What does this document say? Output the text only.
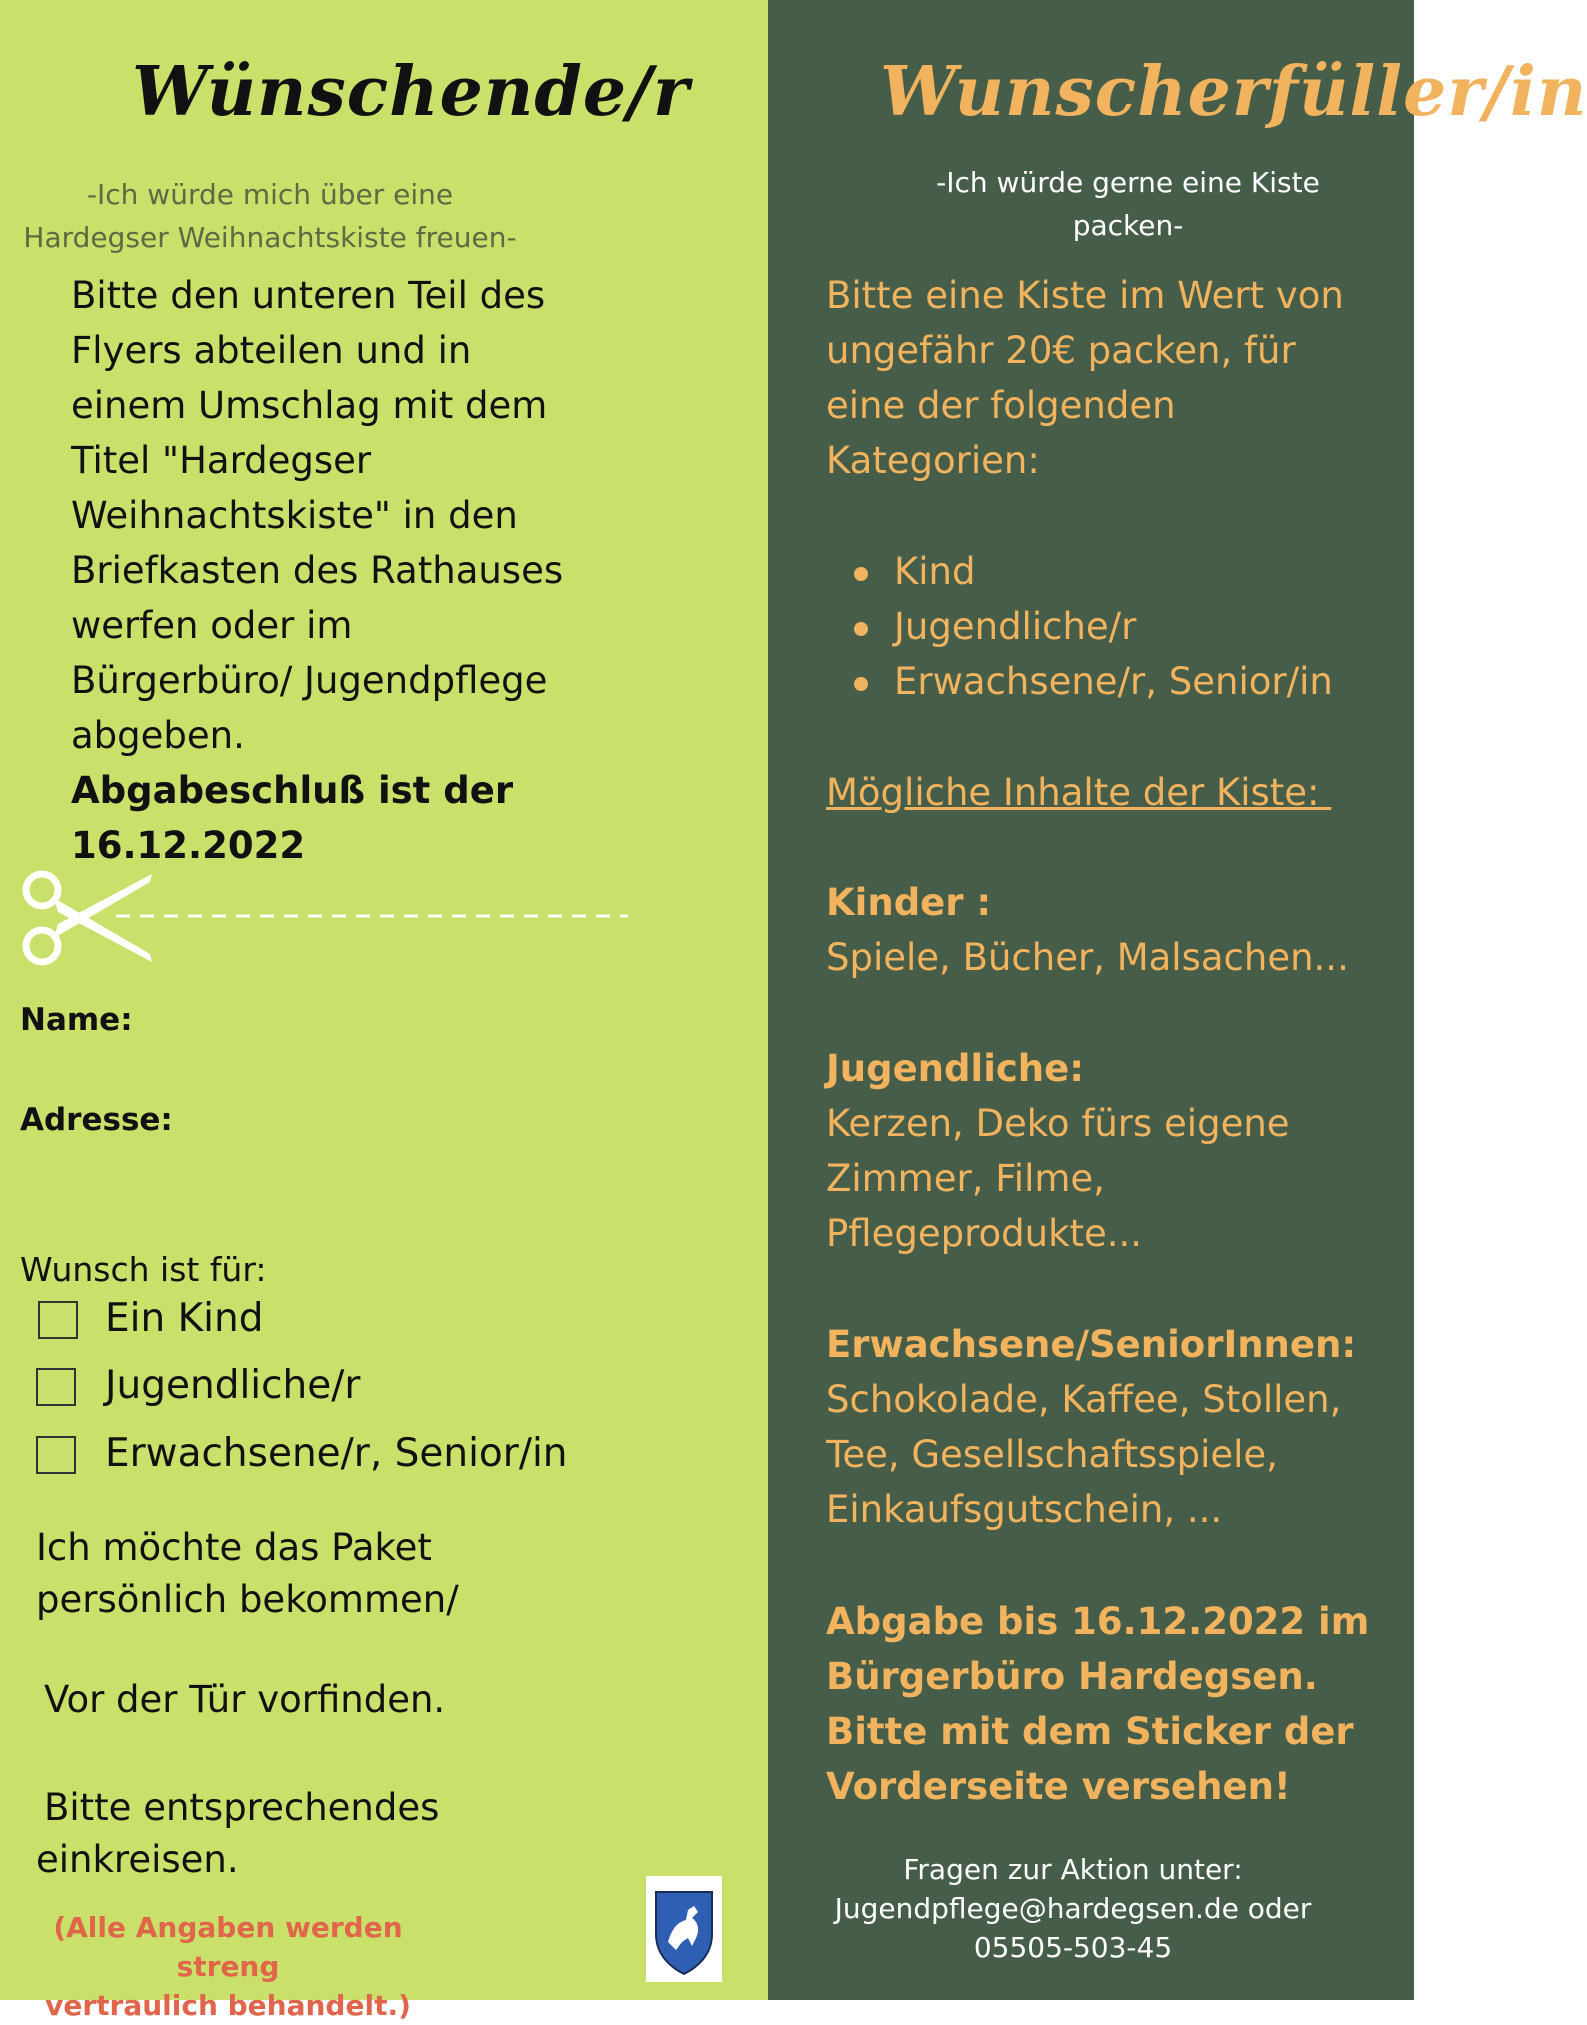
Wünschende/r
-Ich würde mich über eine
Hardegser Weihnachtskiste freuen-
Bitte den unteren Teil des
Flyers abteilen und in
einem Umschlag mit dem
Titel "Hardegser
Weihnachtskiste" in den
Briefkasten des Rathauses
werfen oder im
Bürgerbüro/ Jugendpflege
abgeben.
Abgabeschluß ist der
16.12.2022
Name:
Adresse:
Wunsch ist für:
Ein Kind
Jugendliche/r
Erwachsene/r, Senior/in
Ich möchte das Paket
persönlich bekommen/
Vor der Tür vorfinden.
Bitte entsprechendes
einkreisen.
(Alle Angaben werden streng
vertraulich behandelt.)
Wunscherfüller/in
-Ich würde gerne eine Kiste
packen-
Bitte eine Kiste im Wert von
ungefähr 20€ packen, für
eine der folgenden
Kategorien:
Kind
Jugendliche/r
Erwachsene/r, Senior/in
Mögliche Inhalte der Kiste:
Kinder :
Spiele, Bücher, Malsachen...
Jugendliche:
Kerzen, Deko fürs eigene
Zimmer, Filme,
Pflegeprodukte...
Erwachsene/SeniorInnen:
Schokolade, Kaffee, Stollen,
Tee, Gesellschaftsspiele,
Einkaufsgutschein, ...
Abgabe bis 16.12.2022 im
Bürgerbüro Hardegsen.
Bitte mit dem Sticker der
Vorderseite versehen!
Fragen zur Aktion unter:
Jugendpflege@hardegsen.de oder
05505-503-45
